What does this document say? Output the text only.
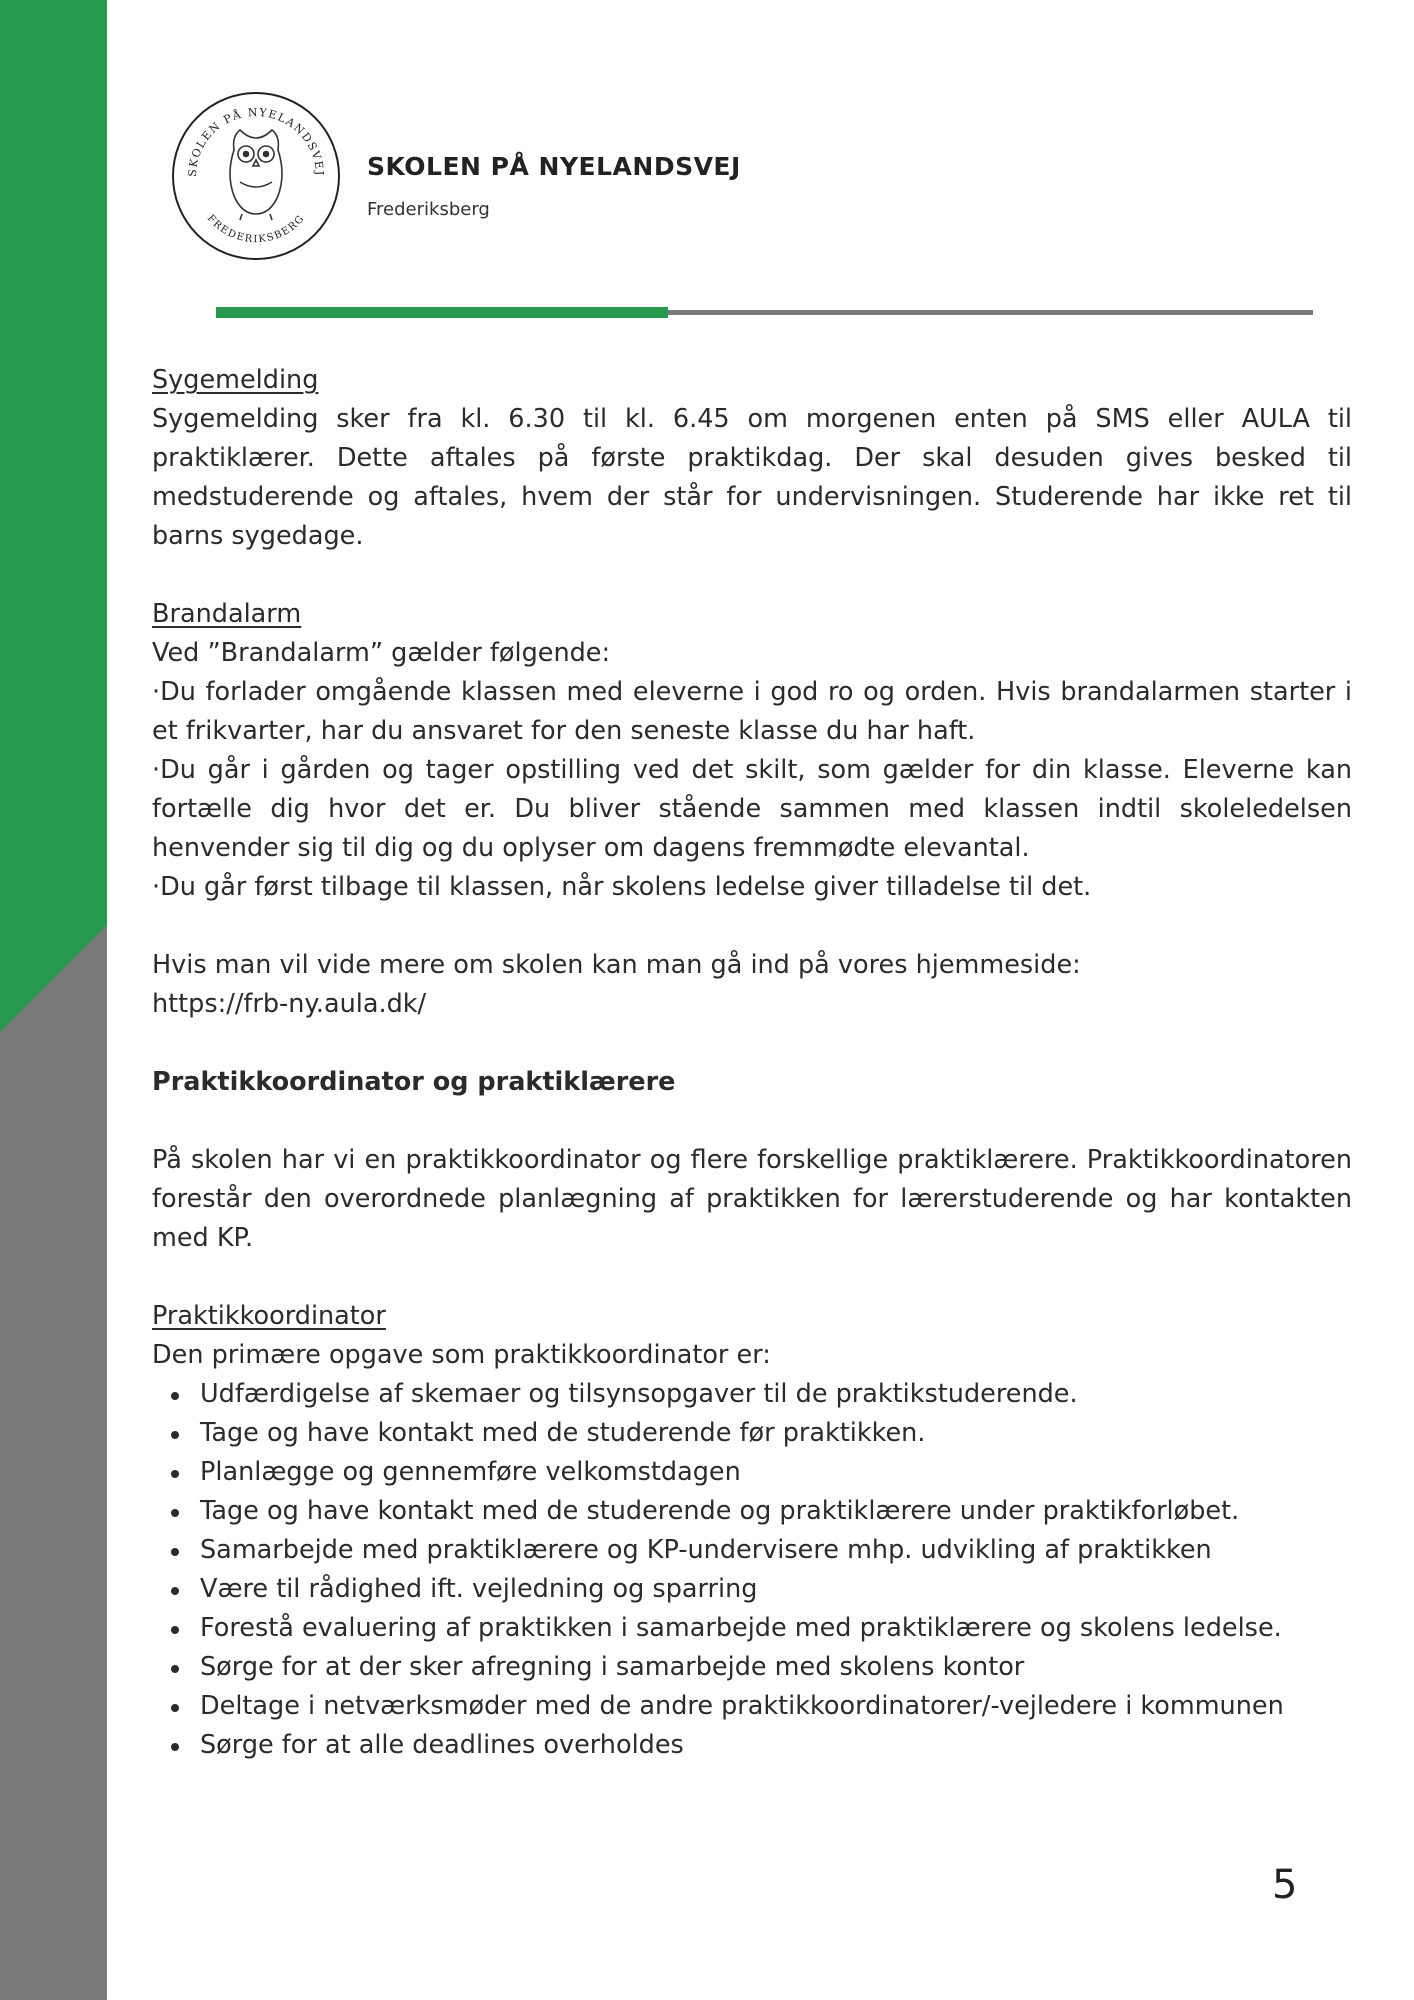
SKOLEN PÅ NYELANDSVEJ
FREDERIKSBERG
SKOLEN PÅ NYELANDSVEJ
Frederiksberg

Sygemelding

Sygemelding sker fra kl. 6.30 til kl. 6.45 om morgenen enten på SMS eller AULA til praktiklærer. Dette aftales på første praktikdag. Der skal desuden gives besked til medstuderende og aftales, hvem der står for undervisningen. Studerende har ikke ret til barns sygedage.

Brandalarm

Ved ”Brandalarm” gælder følgende:

·Du forlader omgående klassen med eleverne i god ro og orden. Hvis brandalarmen starter i et frikvarter, har du ansvaret for den seneste klasse du har haft.

·Du går i gården og tager opstilling ved det skilt, som gælder for din klasse. Eleverne kan fortælle dig hvor det er. Du bliver stående sammen med klassen indtil skoleledelsen henvender sig til dig og du oplyser om dagens fremmødte elevantal.

·Du går først tilbage til klassen, når skolens ledelse giver tilladelse til det.

Hvis man vil vide mere om skolen kan man gå ind på vores hjemmeside:

https://frb-ny.aula.dk/

Praktikkoordinator og praktiklærere

På skolen har vi en praktikkoordinator og flere forskellige praktiklærere. Praktikkoordinatoren forestår den overordnede planlægning af praktikken for lærerstuderende og har kontakten med KP.

Praktikkoordinator

Den primære opgave som praktikkoordinator er:

Udfærdigelse af skemaer og tilsynsopgaver til de praktikstuderende.
Tage og have kontakt med de studerende før praktikken.
Planlægge og gennemføre velkomstdagen
Tage og have kontakt med de studerende og praktiklærere under praktikforløbet.
Samarbejde med praktiklærere og KP-undervisere mhp. udvikling af praktikken
Være til rådighed ift. vejledning og sparring
Forestå evaluering af praktikken i samarbejde med praktiklærere og skolens ledelse.
Sørge for at der sker afregning i samarbejde med skolens kontor
Deltage i netværksmøder med de andre praktikkoordinatorer/-vejledere i kommunen
Sørge for at alle deadlines overholdes
5
